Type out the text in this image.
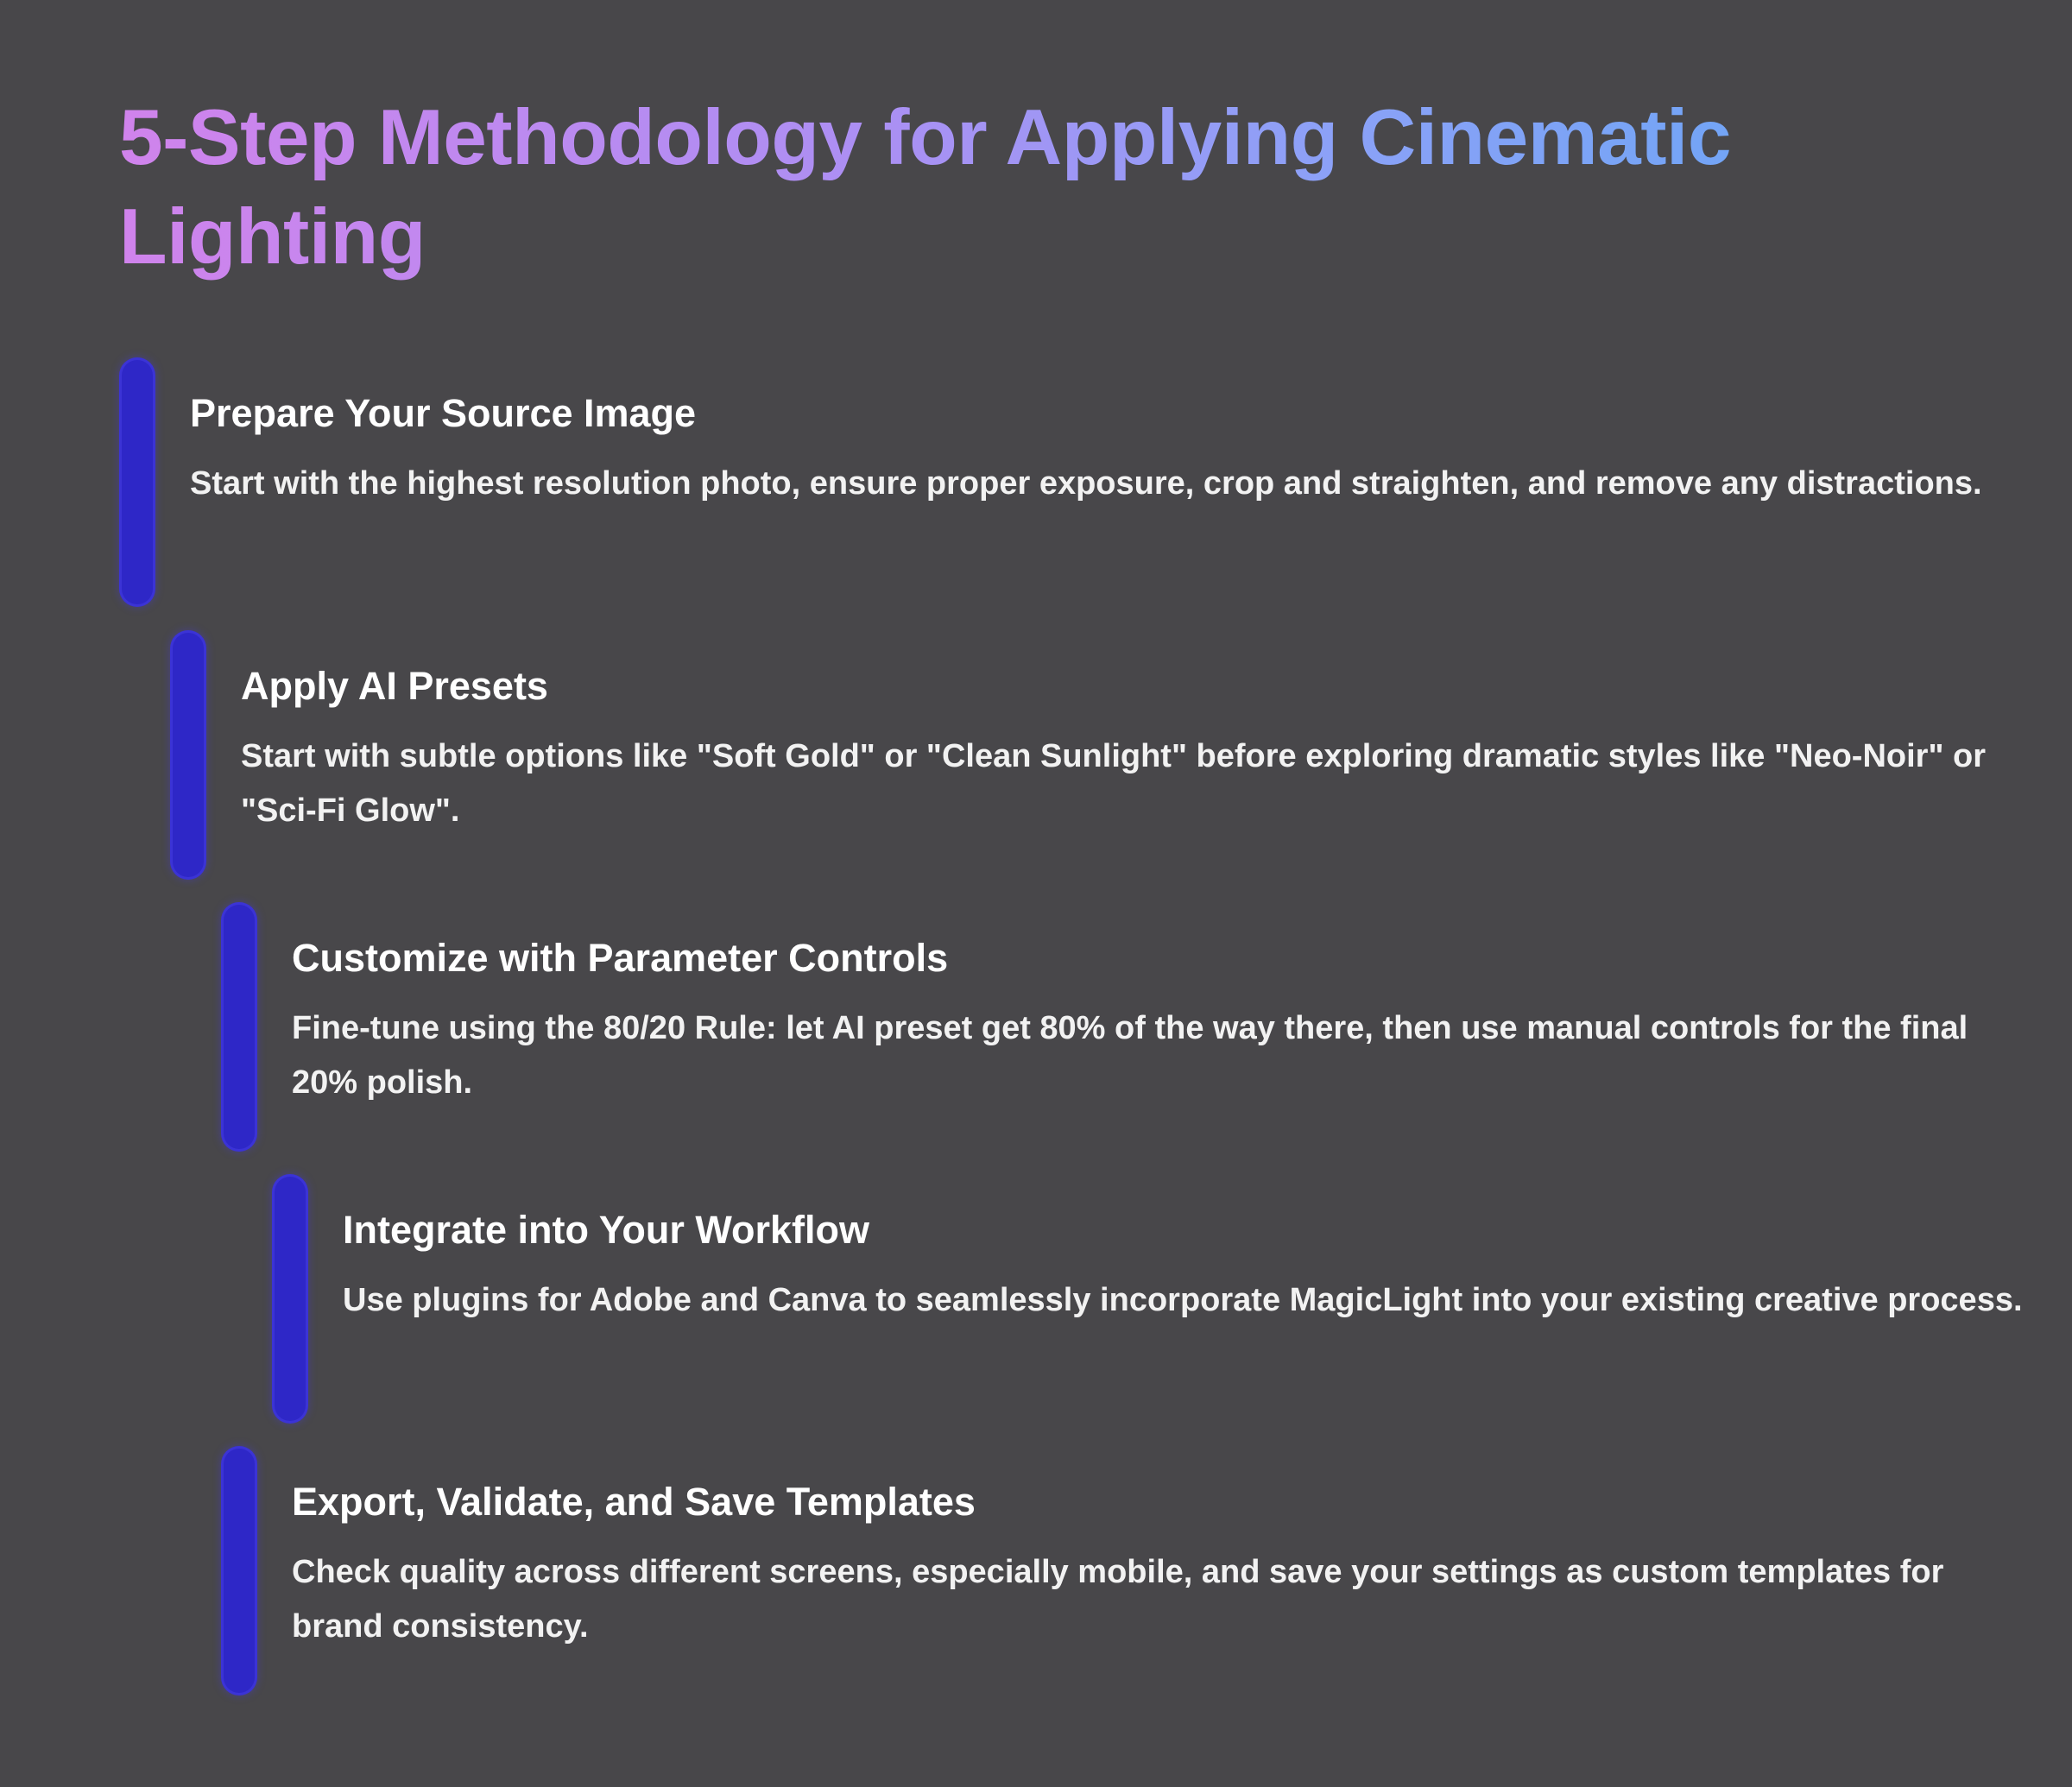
5-Step Methodology for Applying Cinematic Lighting
Prepare Your Source Image

Start with the highest resolution photo, ensure proper exposure, crop and straighten, and remove any distractions.

Apply AI Presets

Start with subtle options like "Soft Gold" or "Clean Sunlight" before exploring dramatic styles like "Neo-Noir" or "Sci-Fi Glow".

Customize with Parameter Controls

Fine-tune using the 80/20 Rule: let AI preset get 80% of the way there, then use manual controls for the final 20% polish.

Integrate into Your Workflow

Use plugins for Adobe and Canva to seamlessly incorporate MagicLight into your existing creative process.

Export, Validate, and Save Templates

Check quality across different screens, especially mobile, and save your settings as custom templates for brand consistency.
